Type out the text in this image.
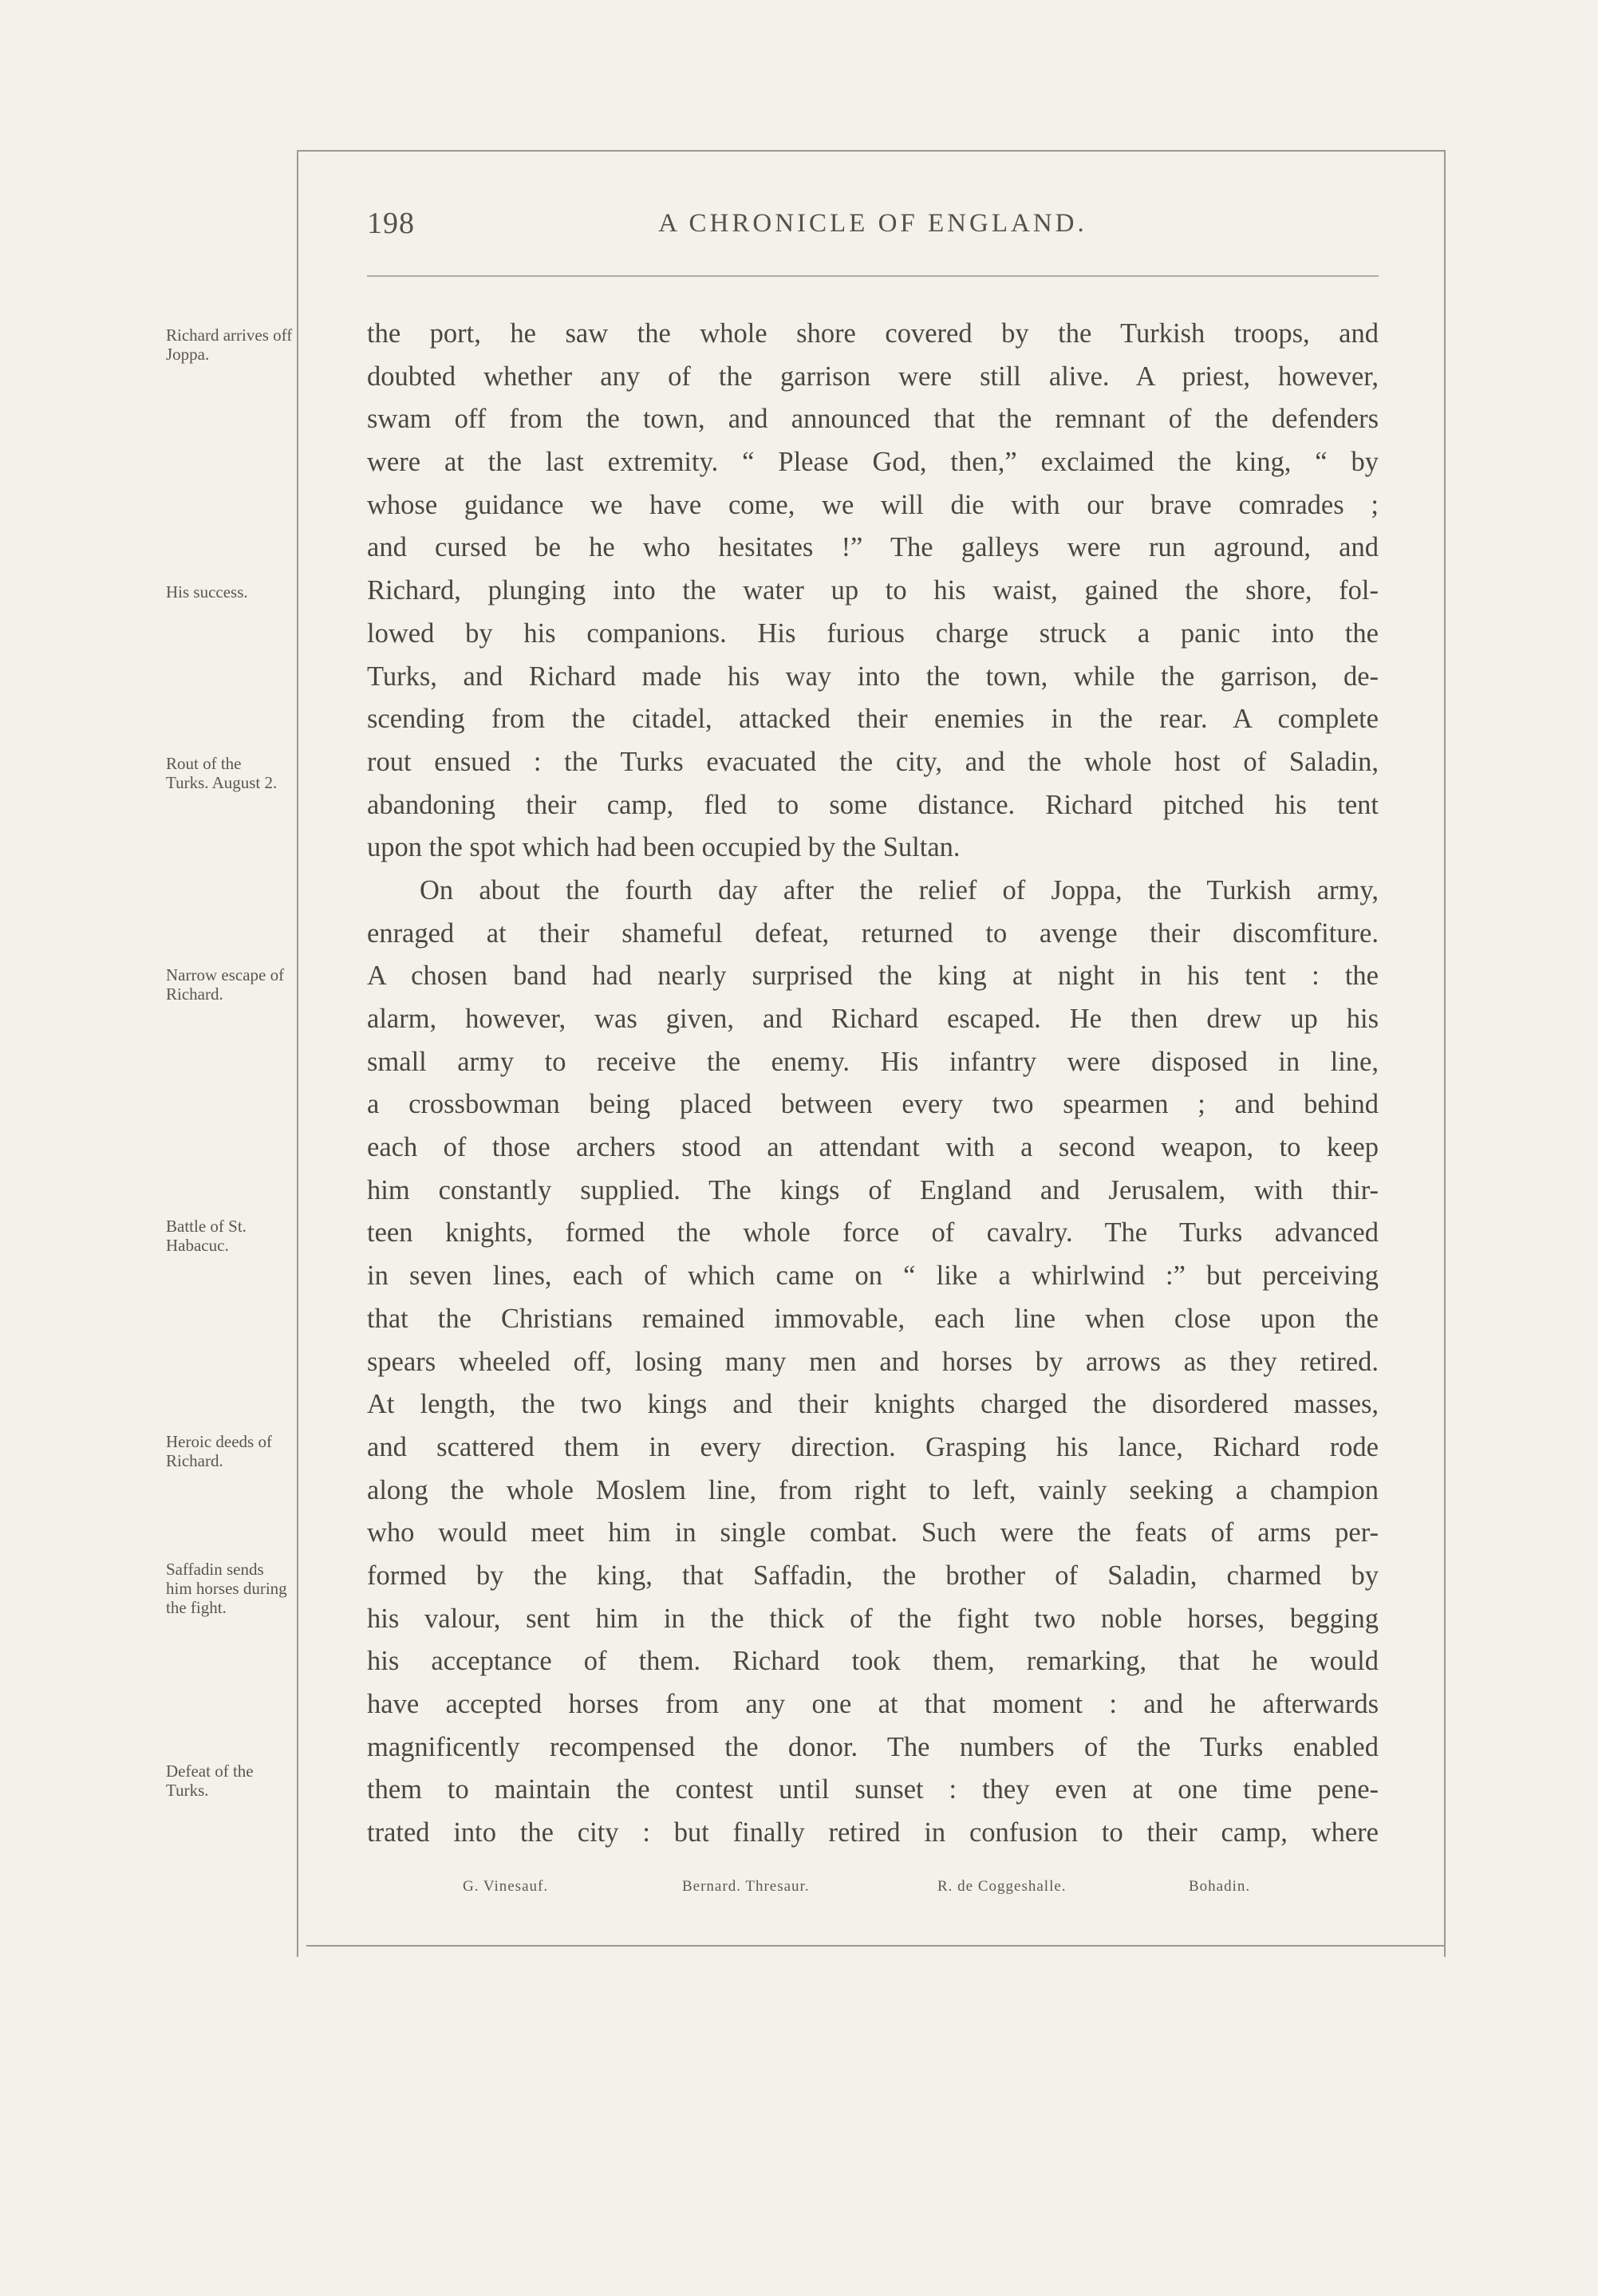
198	A CHRONICLE OF ENGLAND.
Richard arrives off Joppa.
His success.
Rout of the Turks. August 2.
Narrow escape of Richard.
Battle of St. Habacuc.
Heroic deeds of Richard.
Saffadin sends him horses during the fight.
Defeat of the Turks.
the port, he saw the whole shore covered by the Turkish troops, and
doubted whether any of the garrison were still alive. A priest, however,
swam off from the town, and announced that the remnant of the defenders
were at the last extremity. “ Please God, then,” exclaimed the king, “ by
whose guidance we have come, we will die with our brave comrades ;
and cursed be he who hesitates !” The galleys were run aground, and
Richard, plunging into the water up to his waist, gained the shore, fol-
lowed by his companions. His furious charge struck a panic into the
Turks, and Richard made his way into the town, while the garrison, de-
scending from the citadel, attacked their enemies in the rear. A complete
rout ensued : the Turks evacuated the city, and the whole host of Saladin,
abandoning their camp, fled to some distance. Richard pitched his tent
upon the spot which had been occupied by the Sultan.
On about the fourth day after the relief of Joppa, the Turkish army,
enraged at their shameful defeat, returned to avenge their discomfiture.
A chosen band had nearly surprised the king at night in his tent : the
alarm, however, was given, and Richard escaped. He then drew up his
small army to receive the enemy. His infantry were disposed in line,
a crossbowman being placed between every two spearmen ; and behind
each of those archers stood an attendant with a second weapon, to keep
him constantly supplied. The kings of England and Jerusalem, with thir-
teen knights, formed the whole force of cavalry. The Turks advanced
in seven lines, each of which came on “ like a whirlwind :” but perceiving
that the Christians remained immovable, each line when close upon the
spears wheeled off, losing many men and horses by arrows as they retired.
At length, the two kings and their knights charged the disordered masses,
and scattered them in every direction. Grasping his lance, Richard rode
along the whole Moslem line, from right to left, vainly seeking a champion
who would meet him in single combat. Such were the feats of arms per-
formed by the king, that Saffadin, the brother of Saladin, charmed by
his valour, sent him in the thick of the fight two noble horses, begging
his acceptance of them. Richard took them, remarking, that he would
have accepted horses from any one at that moment : and he afterwards
magnificently recompensed the donor. The numbers of the Turks enabled
them to maintain the contest until sunset : they even at one time pene-
trated into the city : but finally retired in confusion to their camp, where
G. Vinesauf.	Bernard. Thresaur.	R. de Coggeshalle.	Bohadin.
